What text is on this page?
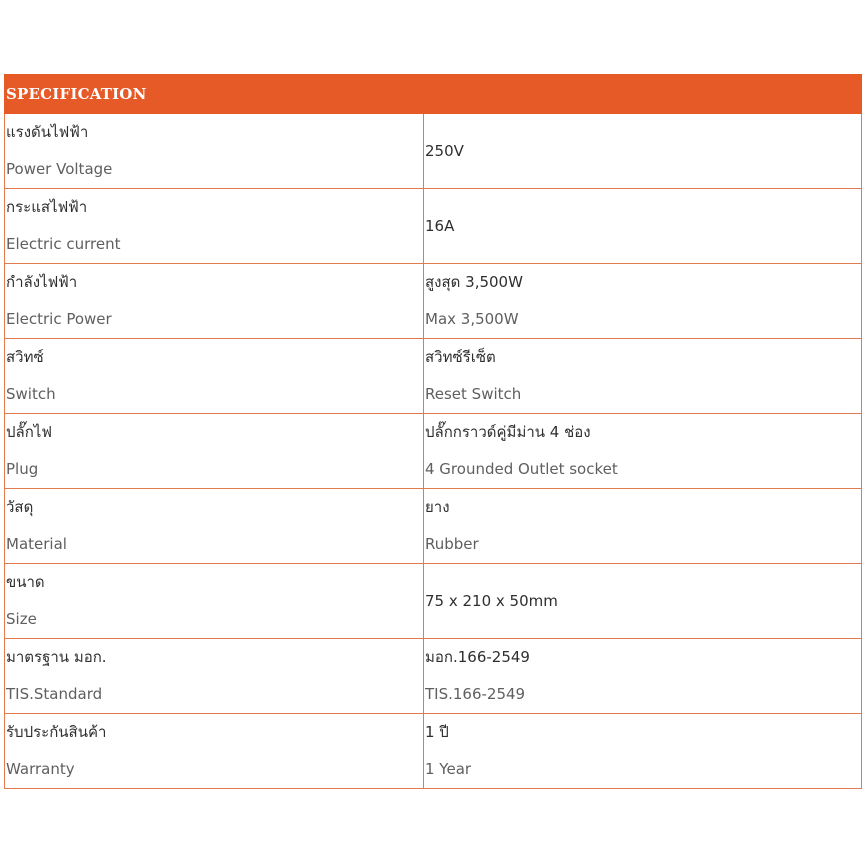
SPECIFICATION	

แรงดันไฟฟ้า
Power Voltage	250V

กระแสไฟฟ้า
Electric current	16A

กำลังไฟฟ้า
Electric Power	สูงสุด 3,500W
Max 3,500W

สวิทซ์
Switch	สวิทซ์รีเซ็ต
Reset Switch

ปลั๊กไฟ
Plug	ปลั๊กกราวด์คู่มีม่าน 4 ช่อง
4 Grounded Outlet socket

วัสดุ
Material	ยาง
Rubber

ขนาด
Size	75 x 210 x 50mm

มาตรฐาน มอก.
TIS.Standard	มอก.166-2549
TIS.166-2549

รับประกันสินค้า
Warranty	1 ปี
1 Year
